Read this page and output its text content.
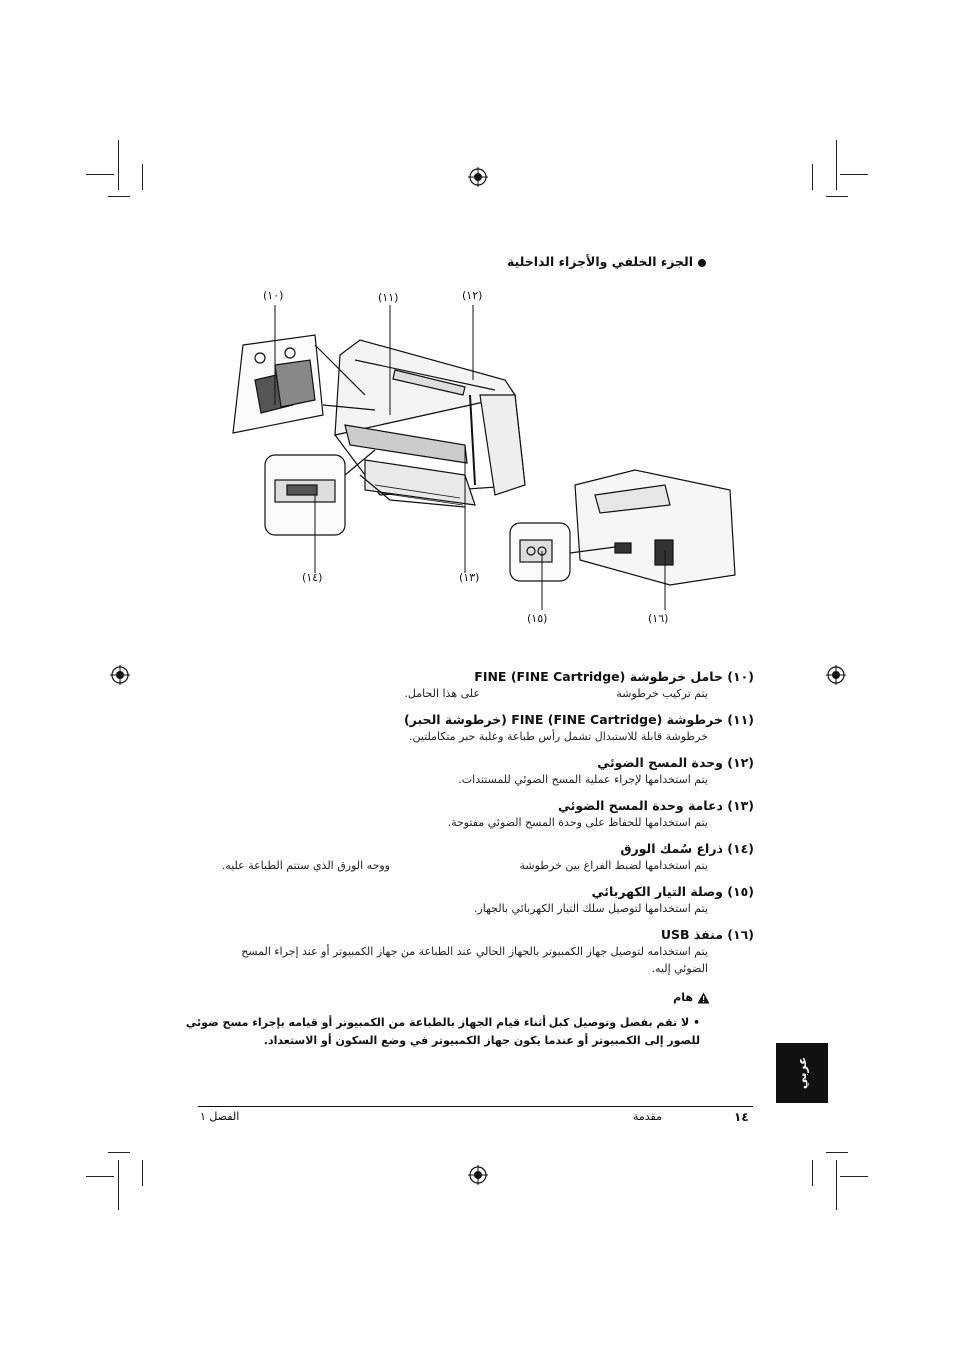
الجزء الخلفي والأجزاء الداخلية
(١٠)	(١١)	(١٢)
(١٣)
(١٤)
(١٥)	(١٦)
(١٠) حامل خرطوشة FINE (FINE Cartridge)
يتم تركيب خرطوشة
على هذا الحامل.
(١١) خرطوشة FINE (FINE Cartridge) (خرطوشة الحبر)
خرطوشة قابلة للاستبدال تشمل رأس طباعة وعلبة حبر متكاملتين.
(١٢) وحدة المسح الضوئي
يتم استخدامها لإجراء عملية المسح الضوئي للمستندات.
(١٣) دعامة وحدة المسح الضوئي
يتم استخدامها للحفاظ على وحدة المسح الضوئي مفتوحة.
(١٤) ذراع سُمك الورق
يتم استخدامها لضبط الفراغ بين خرطوشة
ووجه الورق الذي ستتم الطباعة عليه.
(١٥) وصلة التيار الكهربائي
يتم استخدامها لتوصيل سلك التيار الكهربائي بالجهاز.
(١٦) منفذ USB
يتم استخدامه لتوصيل جهاز الكمبيوتر بالجهاز الحالي عند الطباعة من جهاز الكمبيوتر أو عند إجراء المسح
الضوئي إليه.
هام
• لا تقم بفصل وتوصيل كبل
أثناء قيام الجهاز بالطباعة من الكمبيوتر أو قيامه بإجراء مسح ضوئي
للصور إلى الكمبيوتر أو عندما يكون جهاز الكمبيوتر في وضع السكون أو الاستعداد.
عربي
١٤
مقدمة
الفصل ١
